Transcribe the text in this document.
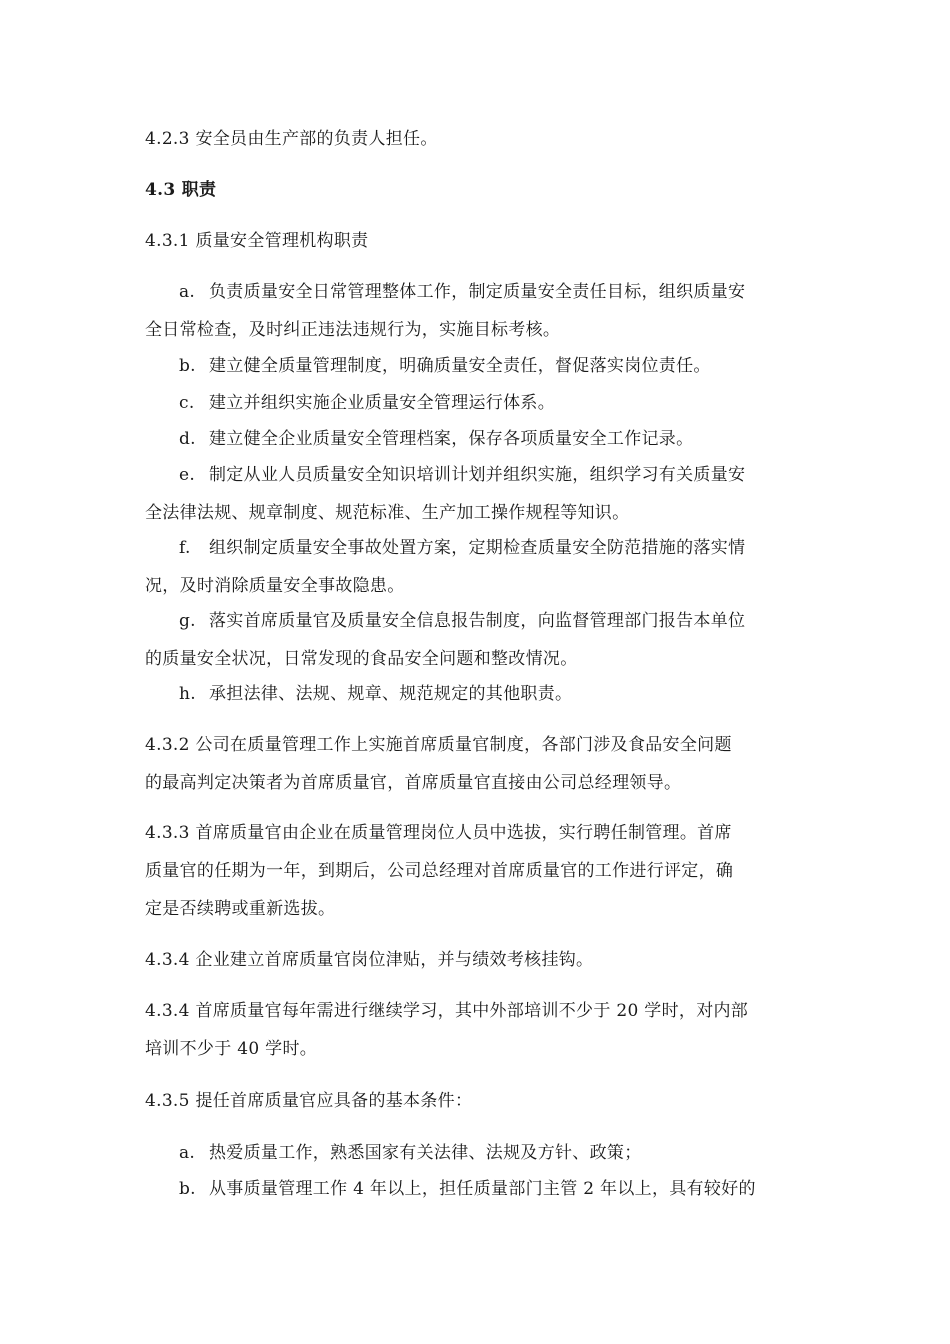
4.2.3 安全员由生产部的负责人担任。
4.3 职责
4.3.1 质量安全管理机构职责
a. 负责质量安全日常管理整体工作，制定质量安全责任目标，组织质量安
全日常检查，及时纠正违法违规行为，实施目标考核。
b. 建立健全质量管理制度，明确质量安全责任，督促落实岗位责任。
c. 建立并组织实施企业质量安全管理运行体系。
d. 建立健全企业质量安全管理档案，保存各项质量安全工作记录。
e. 制定从业人员质量安全知识培训计划并组织实施，组织学习有关质量安
全法律法规、规章制度、规范标准、生产加工操作规程等知识。
f. 组织制定质量安全事故处置方案，定期检查质量安全防范措施的落实情
况，及时消除质量安全事故隐患。
g. 落实首席质量官及质量安全信息报告制度，向监督管理部门报告本单位
的质量安全状况，日常发现的食品安全问题和整改情况。
h. 承担法律、法规、规章、规范规定的其他职责。
4.3.2 公司在质量管理工作上实施首席质量官制度，各部门涉及食品安全问题
的最高判定决策者为首席质量官，首席质量官直接由公司总经理领导。
4.3.3 首席质量官由企业在质量管理岗位人员中选拔，实行聘任制管理。首席
质量官的任期为一年，到期后，公司总经理对首席质量官的工作进行评定，确
定是否续聘或重新选拔。
4.3.4 企业建立首席质量官岗位津贴，并与绩效考核挂钩。
4.3.4 首席质量官每年需进行继续学习，其中外部培训不少于 20 学时，对内部
培训不少于 40 学时。
4.3.5 提任首席质量官应具备的基本条件：
a. 热爱质量工作，熟悉国家有关法律、法规及方针、政策；
b. 从事质量管理工作 4 年以上，担任质量部门主管 2 年以上，具有较好的
